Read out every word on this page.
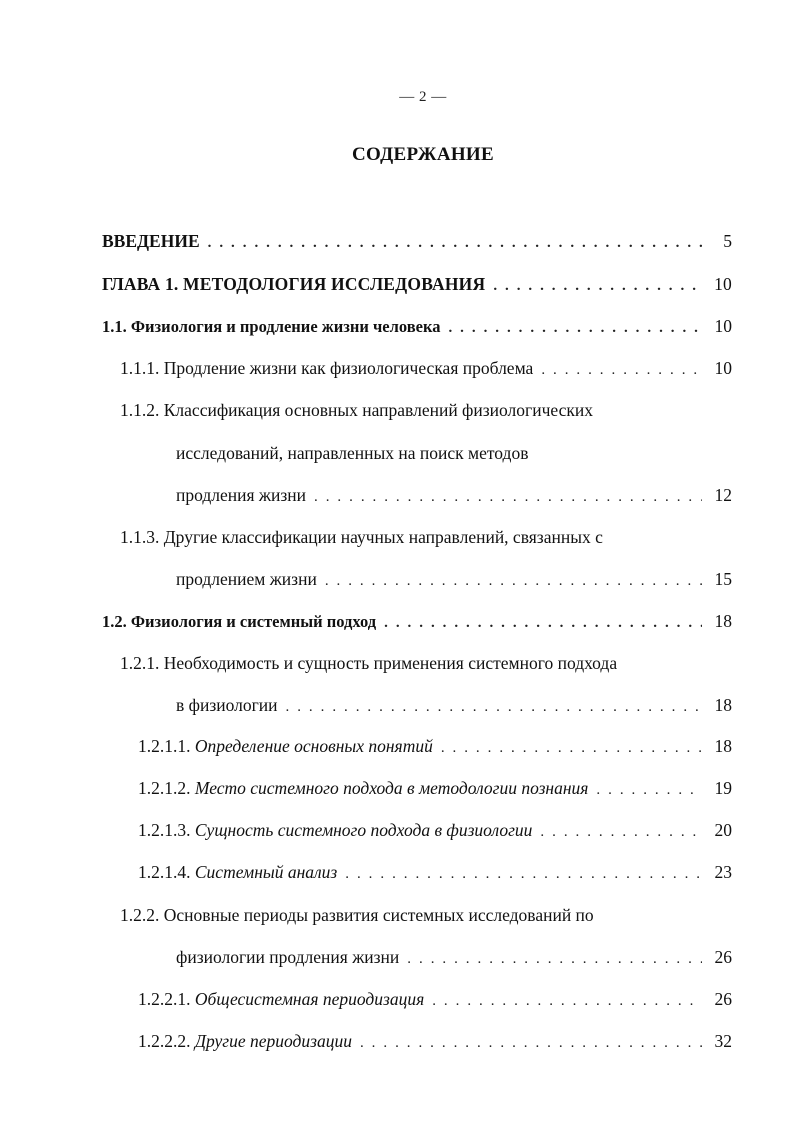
— 2 —
СОДЕРЖАНИЕ
ВВЕДЕНИЕ . . .	5
ГЛАВА 1. МЕТОДОЛОГИЯ ИССЛЕДОВАНИЯ . . .	10
1.1. Физиология и продление жизни человека . . .	10
1.1.1. Продление жизни как физиологическая проблема . . .	10
1.1.2. Классификация основных направлений физиологических
исследований, направленных на поиск методов
продления жизни . . .	12
1.1.3. Другие классификации научных направлений, связанных с
продлением жизни . . .	15
1.2. Физиология и системный подход . . .	18
1.2.1. Необходимость и сущность применения системного подхода
в физиологии . . .	18
1.2.1.1. Определение основных понятий . . .	18
1.2.1.2. Место системного подхода в методологии познания . . .	19
1.2.1.3. Сущность системного подхода в физиологии . . .	20
1.2.1.4. Системный анализ . . .	23
1.2.2. Основные периоды развития системных исследований по
физиологии продления жизни . . .	26
1.2.2.1. Общесистемная периодизация . . .	26
1.2.2.2. Другие периодизации . . .	32
